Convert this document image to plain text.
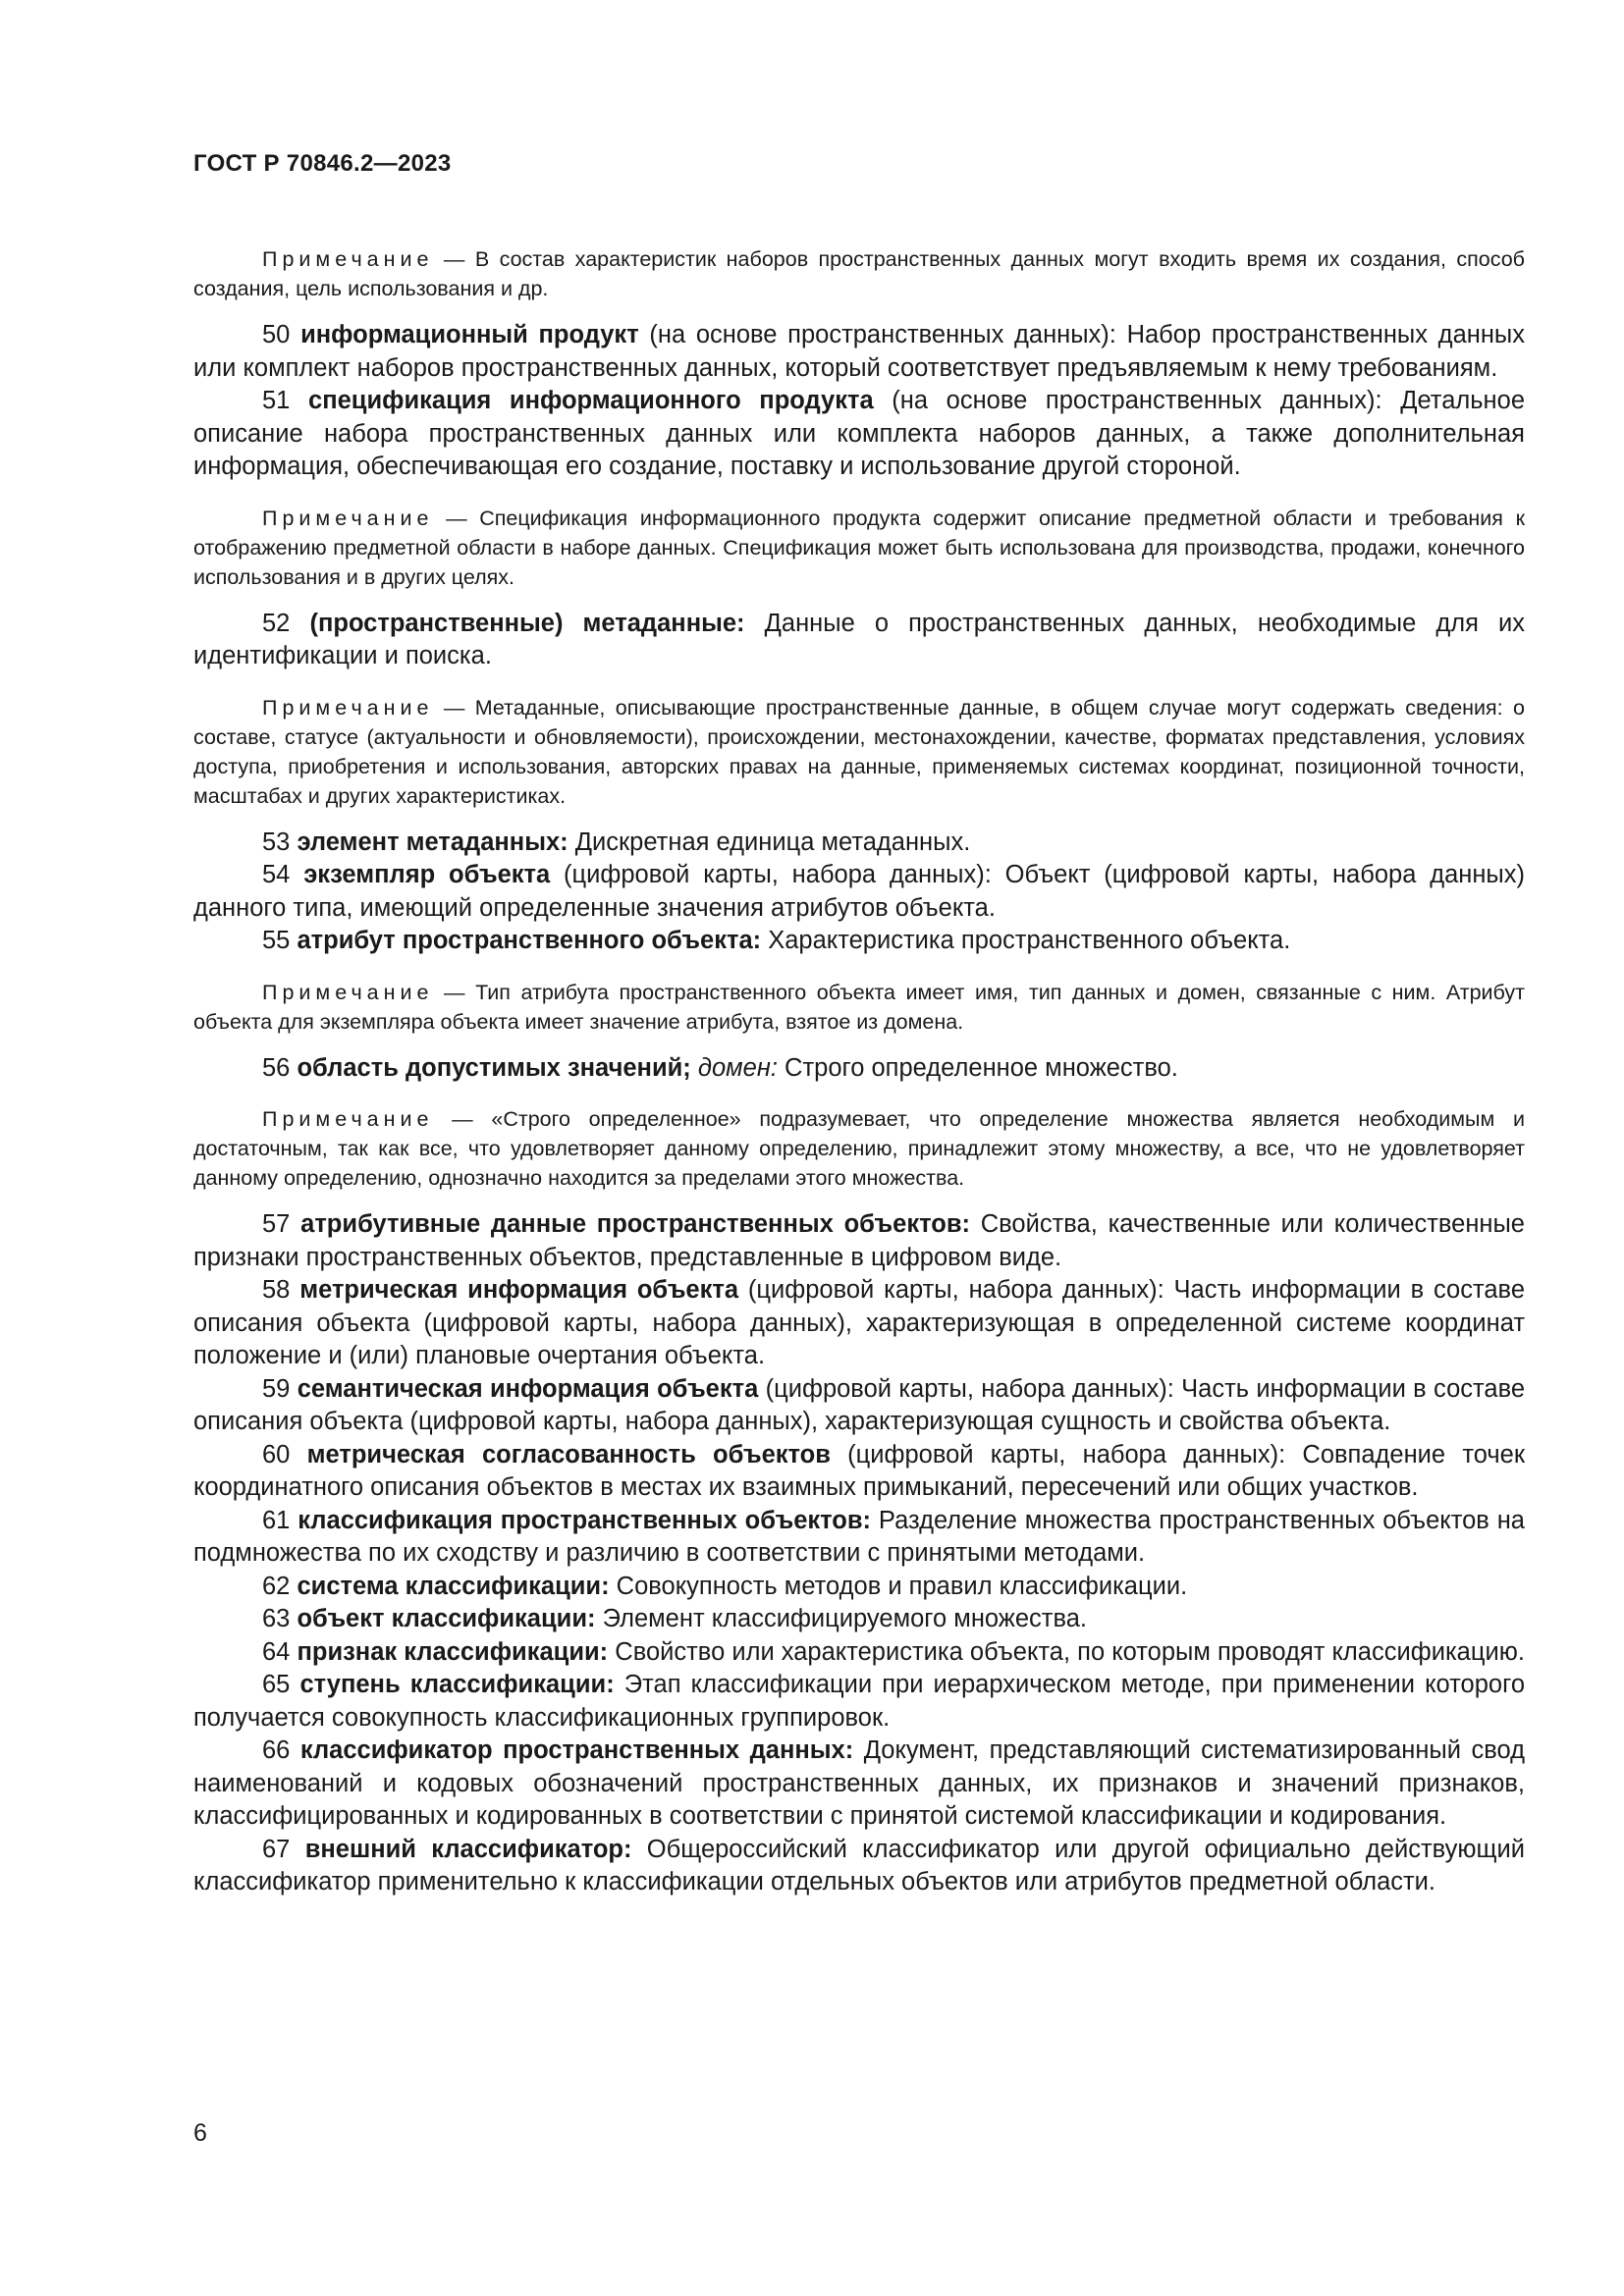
ГОСТ Р 70846.2—2023

Примечание — В состав характеристик наборов пространственных данных могут входить время их создания, способ создания, цель использования и др.

50 информационный продукт (на основе пространственных данных): Набор пространственных данных или комплект наборов пространственных данных, который соответствует предъявляемым к нему требованиям.

51 спецификация информационного продукта (на основе пространственных данных): Детальное описание набора пространственных данных или комплекта наборов данных, а также дополнительная информация, обеспечивающая его создание, поставку и использование другой стороной.

Примечание — Спецификация информационного продукта содержит описание предметной области и требования к отображению предметной области в наборе данных. Спецификация может быть использована для производства, продажи, конечного использования и в других целях.

52 (пространственные) метаданные: Данные о пространственных данных, необходимые для их идентификации и поиска.

Примечание — Метаданные, описывающие пространственные данные, в общем случае могут содержать сведения: о составе, статусе (актуальности и обновляемости), происхождении, местонахождении, качестве, форматах представления, условиях доступа, приобретения и использования, авторских правах на данные, применяемых системах координат, позиционной точности, масштабах и других характеристиках.

53 элемент метаданных: Дискретная единица метаданных.

54 экземпляр объекта (цифровой карты, набора данных): Объект (цифровой карты, набора данных) данного типа, имеющий определенные значения атрибутов объекта.

55 атрибут пространственного объекта: Характеристика пространственного объекта.

Примечание — Тип атрибута пространственного объекта имеет имя, тип данных и домен, связанные с ним. Атрибут объекта для экземпляра объекта имеет значение атрибута, взятое из домена.

56 область допустимых значений; домен: Строго определенное множество.

Примечание — «Строго определенное» подразумевает, что определение множества является необходимым и достаточным, так как все, что удовлетворяет данному определению, принадлежит этому множеству, а все, что не удовлетворяет данному определению, однозначно находится за пределами этого множества.

57 атрибутивные данные пространственных объектов: Свойства, качественные или количественные признаки пространственных объектов, представленные в цифровом виде.

58 метрическая информация объекта (цифровой карты, набора данных): Часть информации в составе описания объекта (цифровой карты, набора данных), характеризующая в определенной системе координат положение и (или) плановые очертания объекта.

59 семантическая информация объекта (цифровой карты, набора данных): Часть информации в составе описания объекта (цифровой карты, набора данных), характеризующая сущность и свойства объекта.

60 метрическая согласованность объектов (цифровой карты, набора данных): Совпадение точек координатного описания объектов в местах их взаимных примыканий, пересечений или общих участков.

61 классификация пространственных объектов: Разделение множества пространственных объектов на подмножества по их сходству и различию в соответствии с принятыми методами.

62 система классификации: Совокупность методов и правил классификации.

63 объект классификации: Элемент классифицируемого множества.

64 признак классификации: Свойство или характеристика объекта, по которым проводят классификацию.

65 ступень классификации: Этап классификации при иерархическом методе, при применении которого получается совокупность классификационных группировок.

66 классификатор пространственных данных: Документ, представляющий систематизированный свод наименований и кодовых обозначений пространственных данных, их признаков и значений признаков, классифицированных и кодированных в соответствии с принятой системой классификации и кодирования.

67 внешний классификатор: Общероссийский классификатор или другой официально действующий классификатор применительно к классификации отдельных объектов или атрибутов предметной области.

6
